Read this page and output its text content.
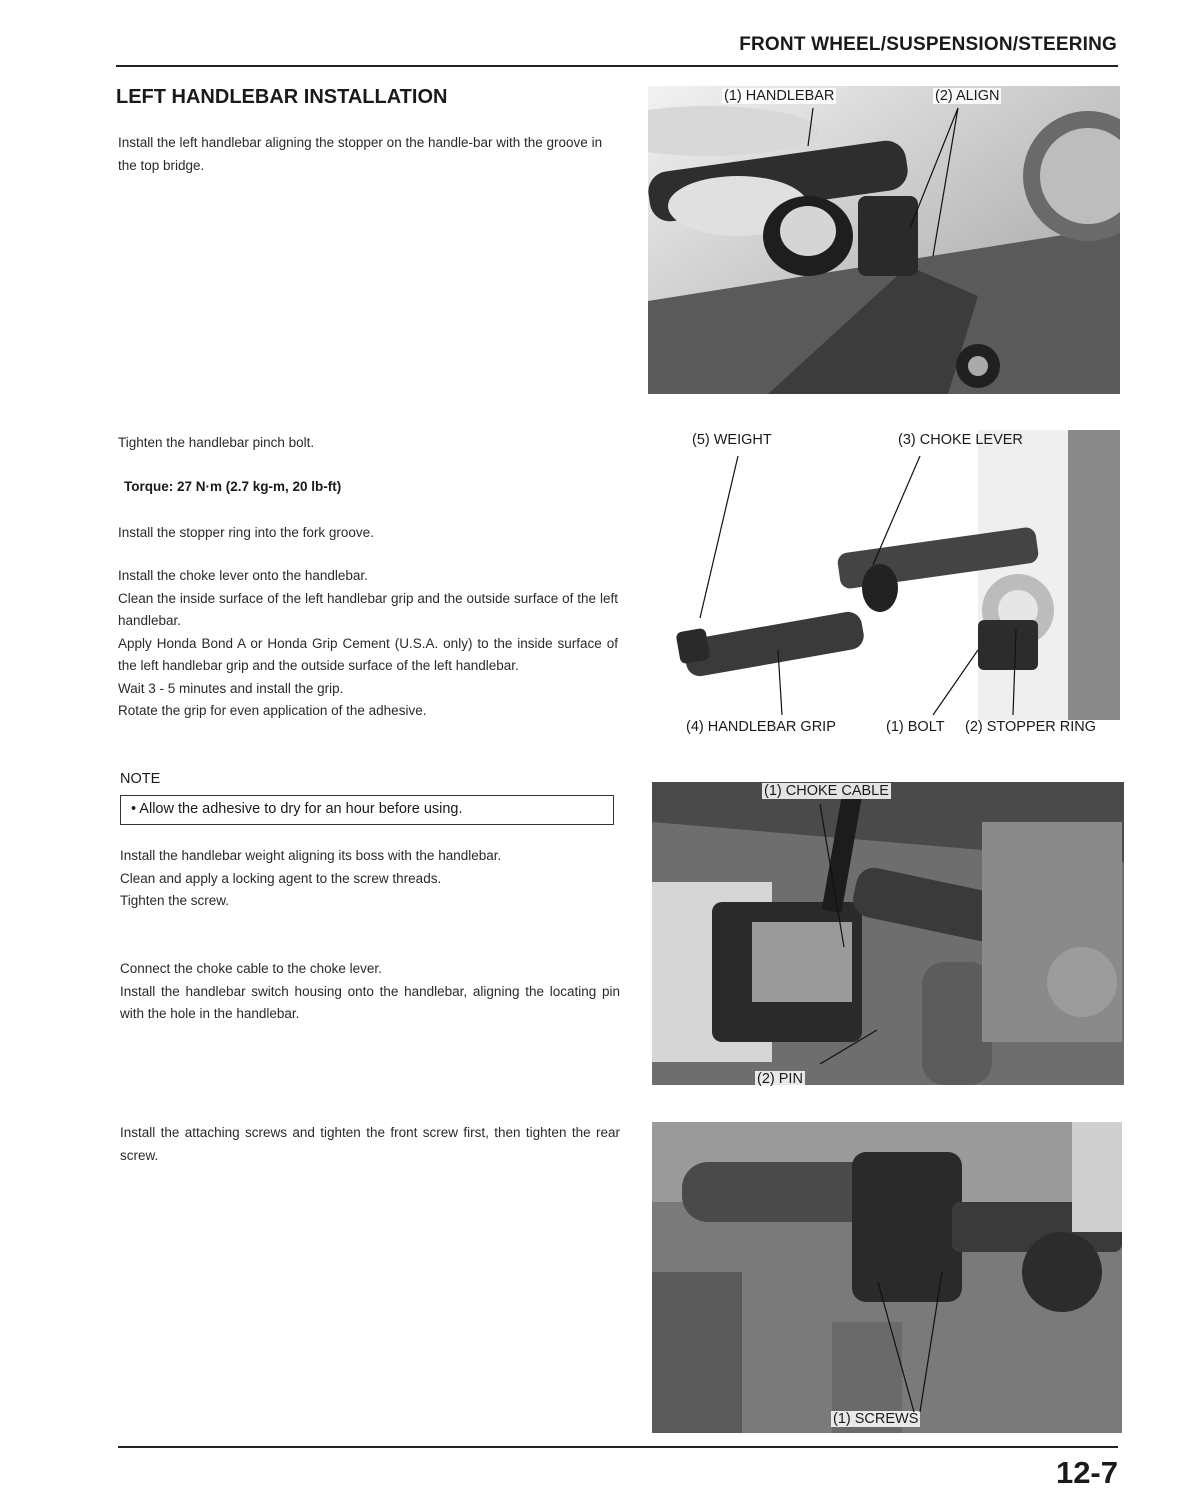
FRONT WHEEL/SUSPENSION/STEERING
LEFT HANDLEBAR INSTALLATION
Install the left handlebar aligning the stopper on the handle-bar with the groove in the top bridge.
Tighten the handlebar pinch bolt.
Torque: 27 N·m (2.7 kg-m, 20 lb-ft)
Install the stopper ring into the fork groove.
Install the choke lever onto the handlebar.
Clean the inside surface of the left handlebar grip and the outside surface of the left handlebar.
Apply Honda Bond A or Honda Grip Cement (U.S.A. only) to the inside surface of the left handlebar grip and the outside surface of the left handlebar.
Wait 3 - 5 minutes and install the grip.
Rotate the grip for even application of the adhesive.
NOTE
• Allow the adhesive to dry for an hour before using.
Install the handlebar weight aligning its boss with the handlebar.
Clean and apply a locking agent to the screw threads.
Tighten the screw.
Connect the choke cable to the choke lever.
Install the handlebar switch housing onto the handlebar, aligning the locating pin with the hole in the handlebar.
Install the attaching screws and tighten the front screw first, then tighten the rear screw.
(1) HANDLEBAR	(2) ALIGN
(5) WEIGHT	(3) CHOKE LEVER
(4) HANDLEBAR GRIP	(1) BOLT (2) STOPPER RING
(1) CHOKE CABLE
(2) PIN
(1) SCREWS
12-7
